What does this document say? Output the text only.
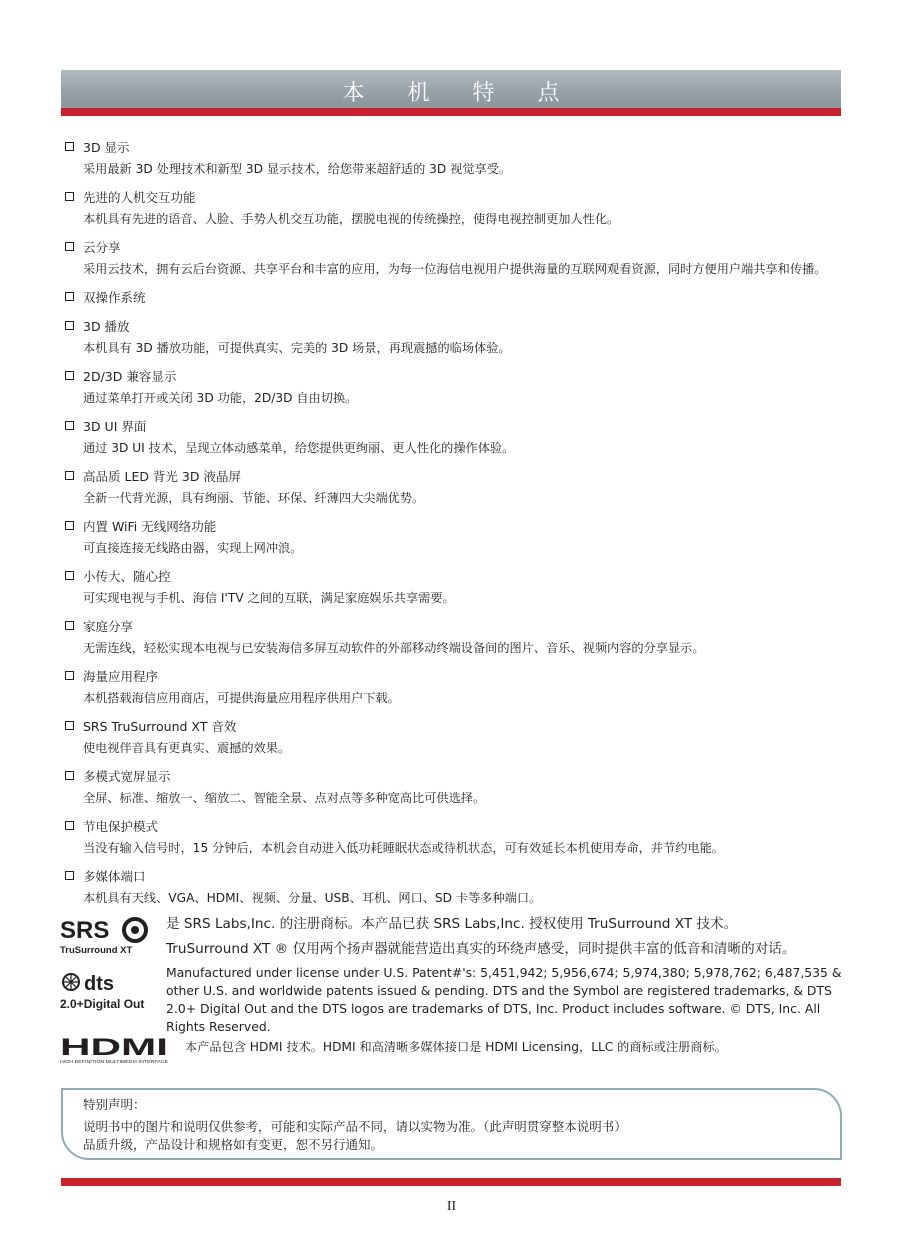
本 机 特 点
3D 显示
采用最新 3D 处理技术和新型 3D 显示技术，给您带来超舒适的 3D 视觉享受。
先进的人机交互功能
本机具有先进的语音、人脸、手势人机交互功能，摆脱电视的传统操控，使得电视控制更加人性化。
云分享
采用云技术，拥有云后台资源、共享平台和丰富的应用，为每一位海信电视用户提供海量的互联网观看资源，同时方便用户端共享和传播。
双操作系统
3D 播放
本机具有 3D 播放功能，可提供真实、完美的 3D 场景，再现震撼的临场体验。
2D/3D 兼容显示
通过菜单打开或关闭 3D 功能，2D/3D 自由切换。
3D UI 界面
通过 3D UI 技术，呈现立体动感菜单，给您提供更绚丽、更人性化的操作体验。
高品质 LED 背光 3D 液晶屏
全新一代背光源，具有绚丽、节能、环保、纤薄四大尖端优势。
内置 WiFi 无线网络功能
可直接连接无线路由器，实现上网冲浪。
小传大、随心控
可实现电视与手机、海信 I'TV 之间的互联，满足家庭娱乐共享需要。
家庭分享
无需连线，轻松实现本电视与已安装海信多屏互动软件的外部移动终端设备间的图片、音乐、视频内容的分享显示。
海量应用程序
本机搭载海信应用商店，可提供海量应用程序供用户下载。
SRS TruSurround XT 音效
使电视伴音具有更真实、震撼的效果。
多模式宽屏显示
全屏、标准、缩放一、缩放二、智能全景、点对点等多种宽高比可供选择。
节电保护模式
当没有输入信号时，15 分钟后，本机会自动进入低功耗睡眠状态或待机状态，可有效延长本机使用寿命，并节约电能。
多媒体端口
本机具有天线、VGA、HDMI、视频、分量、USB、耳机、网口、SD 卡等多种端口。
SRS
TruSurround XT
是 SRS Labs,Inc. 的注册商标。本产品已获 SRS Labs,Inc. 授权使用 TruSurround XT 技术。
TruSurround XT ® 仅用两个扬声器就能营造出真实的环绕声感受，同时提供丰富的低音和清晰的对话。
dts
2.0+Digital Out
Manufactured under license under U.S. Patent#'s: 5,451,942; 5,956,674; 5,974,380; 5,978,762; 6,487,535 & other U.S. and worldwide patents issued & pending. DTS and the Symbol are registered trademarks, & DTS 2.0+ Digital Out and the DTS logos are trademarks of DTS, Inc. Product includes software. © DTS, Inc. All Rights Reserved.
HDMI
HIGH DEFINITION MULTIMEDIA INTERFACE
本产品包含 HDMI 技术。HDMI 和高清晰多媒体接口是 HDMI Licensing，LLC 的商标或注册商标。
特别声明：
说明书中的图片和说明仅供参考，可能和实际产品不同，请以实物为准。（此声明贯穿整本说明书）
品质升级，产品设计和规格如有变更，恕不另行通知。
II
